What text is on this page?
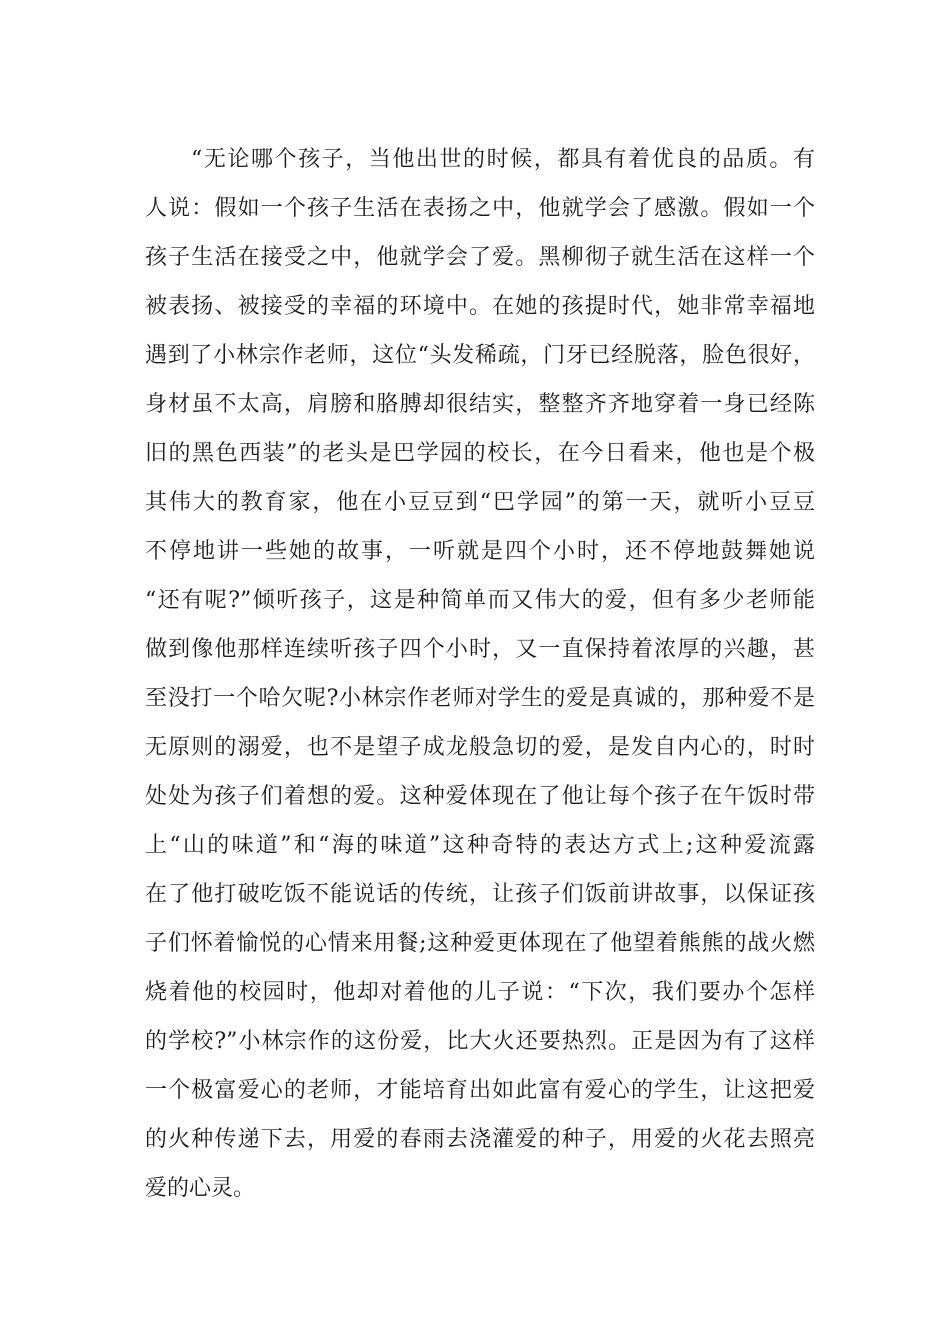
“无论哪个孩子，当他出世的时候，都具有着优良的品质。有
人说：假如一个孩子生活在表扬之中，他就学会了感激。假如一个
孩子生活在接受之中，他就学会了爱。黑柳彻子就生活在这样一个
被表扬、被接受的幸福的环境中。在她的孩提时代，她非常幸福地
遇到了小林宗作老师，这位“头发稀疏，门牙已经脱落，脸色很好，
身材虽不太高，肩膀和胳膊却很结实，整整齐齐地穿着一身已经陈
旧的黑色西装”的老头是巴学园的校长，在今日看来，他也是个极
其伟大的教育家，他在小豆豆到“巴学园”的第一天，就听小豆豆
不停地讲一些她的故事，一听就是四个小时，还不停地鼓舞她说
“还有呢?”倾听孩子，这是种简单而又伟大的爱，但有多少老师能
做到像他那样连续听孩子四个小时，又一直保持着浓厚的兴趣，甚
至没打一个哈欠呢?小林宗作老师对学生的爱是真诚的，那种爱不是
无原则的溺爱，也不是望子成龙般急切的爱，是发自内心的，时时
处处为孩子们着想的爱。这种爱体现在了他让每个孩子在午饭时带
上“山的味道”和“海的味道”这种奇特的表达方式上;这种爱流露
在了他打破吃饭不能说话的传统，让孩子们饭前讲故事，以保证孩
子们怀着愉悦的心情来用餐;这种爱更体现在了他望着熊熊的战火燃
烧着他的校园时，他却对着他的儿子说：“下次，我们要办个怎样
的学校?”小林宗作的这份爱，比大火还要热烈。正是因为有了这样
一个极富爱心的老师，才能培育出如此富有爱心的学生，让这把爱
的火种传递下去，用爱的春雨去浇灌爱的种子，用爱的火花去照亮
爱的心灵。
